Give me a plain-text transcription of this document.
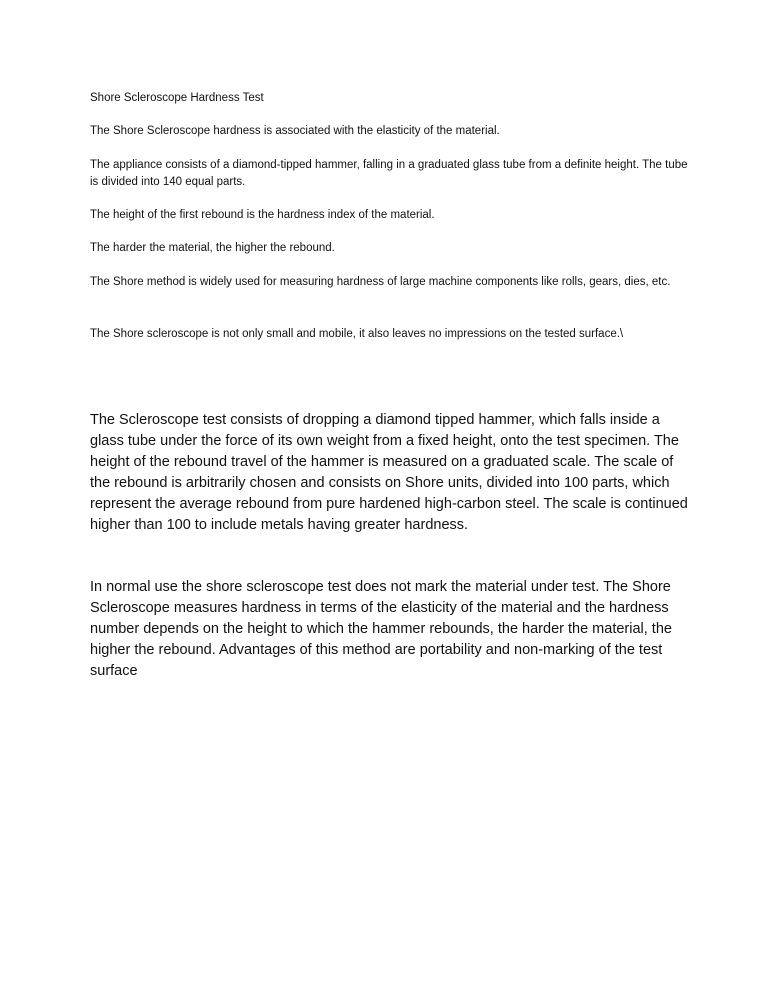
Shore Scleroscope Hardness Test

The Shore Scleroscope hardness is associated with the elasticity of the material.

The appliance consists of a diamond-tipped hammer, falling in a graduated glass tube from a definite height. The tube is divided into 140 equal parts.

The height of the first rebound is the hardness index of the material.

The harder the material, the higher the rebound.

The Shore method is widely used for measuring hardness of large machine components like rolls, gears, dies, etc.

The Shore scleroscope is not only small and mobile, it also leaves no impressions on the tested surface.\

The Scleroscope test consists of dropping a diamond tipped hammer, which falls inside a glass tube under the force of its own weight from a fixed height, onto the test specimen. The height of the rebound travel of the hammer is measured on a graduated scale. The scale of the rebound is arbitrarily chosen and consists on Shore units, divided into 100 parts, which represent the average rebound from pure hardened high-carbon steel. The scale is continued higher than 100 to include metals having greater hardness.

In normal use the shore scleroscope test does not mark the material under test. The Shore Scleroscope measures hardness in terms of the elasticity of the material and the hardness number depends on the height to which the hammer rebounds, the harder the material, the higher the rebound. Advantages of this method are portability and non-marking of the test surface
